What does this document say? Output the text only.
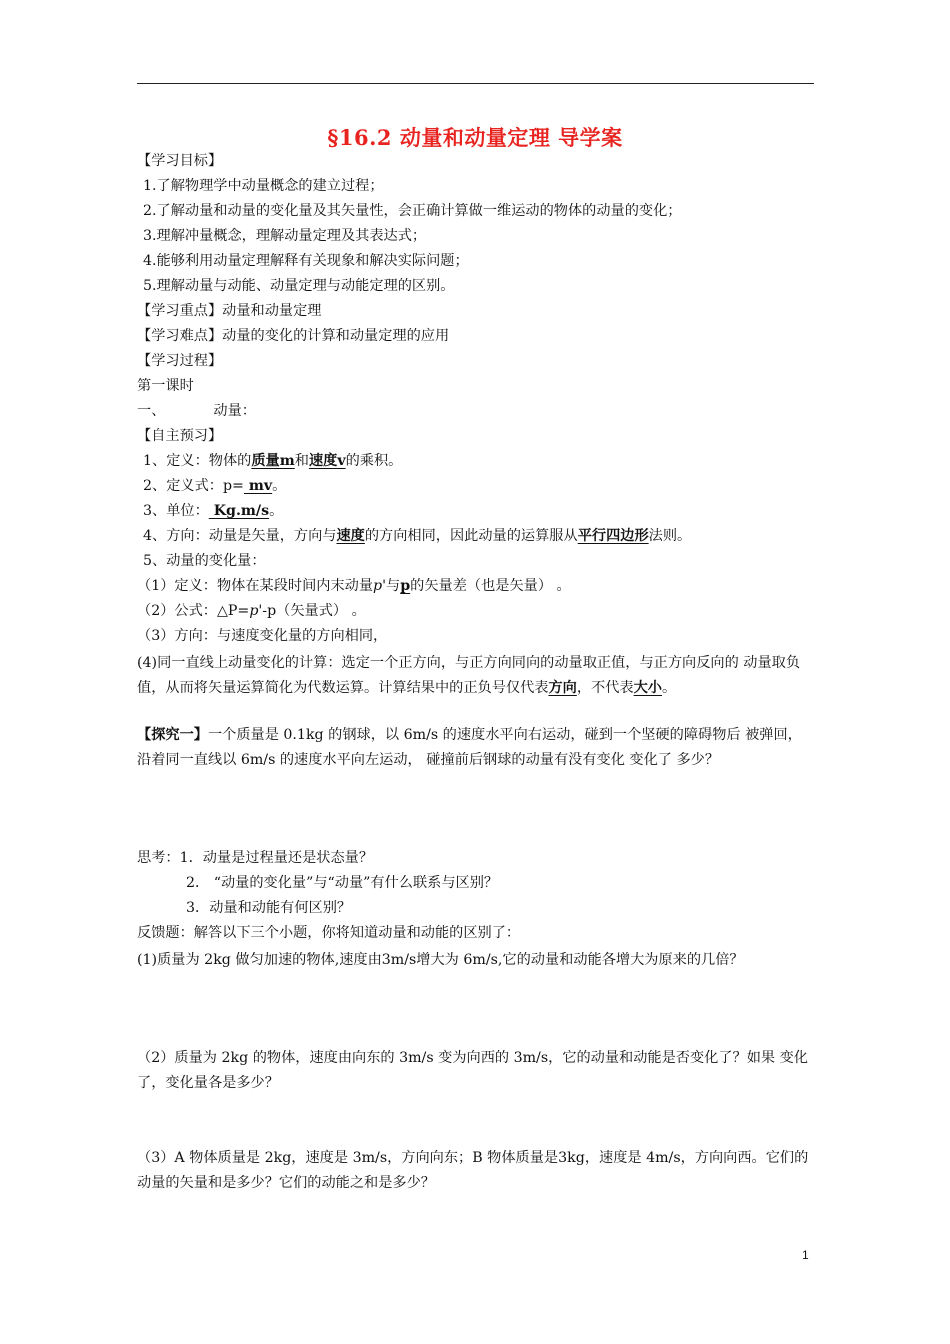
§16.2 动量和动量定理 导学案
【学习目标】
1.了解物理学中动量概念的建立过程；
2.了解动量和动量的变化量及其矢量性，会正确计算做一维运动的物体的动量的变化；
3.理解冲量概念，理解动量定理及其表达式；
4.能够利用动量定理解释有关现象和解决实际问题；
5.理解动量与动能、动量定理与动能定理的区别。
【学习重点】动量和动量定理
【学习难点】动量的变化的计算和动量定理的应用
【学习过程】
第一课时
一、	动量：
【自主预习】
1、定义：物体的质量m和速度v的乘积。
2、定义式：p= mv。
3、单位： Kg.m/s。
4、方向：动量是矢量，方向与速度的方向相同，因此动量的运算服从平行四边形法则。
5、动量的变化量：
（1）定义：物体在某段时间内末动量p'与p的矢量差（也是矢量） 。
（2）公式：△P=p'-p（矢量式） 。
（3）方向：与速度变化量的方向相同，
(4)同一直线上动量变化的计算：选定一个正方向，与正方向同向的动量取正值，与正方向反向的 动量取负值，从而将矢量运算简化为代数运算。计算结果中的正负号仅代表方向，不代表大小。
【探究一】一个质量是 0.1kg 的钢球，以 6m/s 的速度水平向右运动，碰到一个坚硬的障碍物后 被弹回， 沿着同一直线以 6m/s 的速度水平向左运动， 碰撞前后钢球的动量有没有变化 变化了 多少？
思考：1．动量是过程量还是状态量？
2． “动量的变化量”与“动量”有什么联系与区别？
3．动量和动能有何区别？
反馈题：解答以下三个小题，你将知道动量和动能的区别了：
(1)质量为 2kg 做匀加速的物体,速度由3m/s增大为 6m/s,它的动量和动能各增大为原来的几倍？
（2）质量为 2kg 的物体，速度由向东的 3m/s 变为向西的 3m/s，它的动量和动能是否变化了？如果 变化了，变化量各是多少？
（3）A 物体质量是 2kg，速度是 3m/s，方向向东；B 物体质量是3kg，速度是 4m/s，方向向西。它们的动量的矢量和是多少？它们的动能之和是多少？
1
